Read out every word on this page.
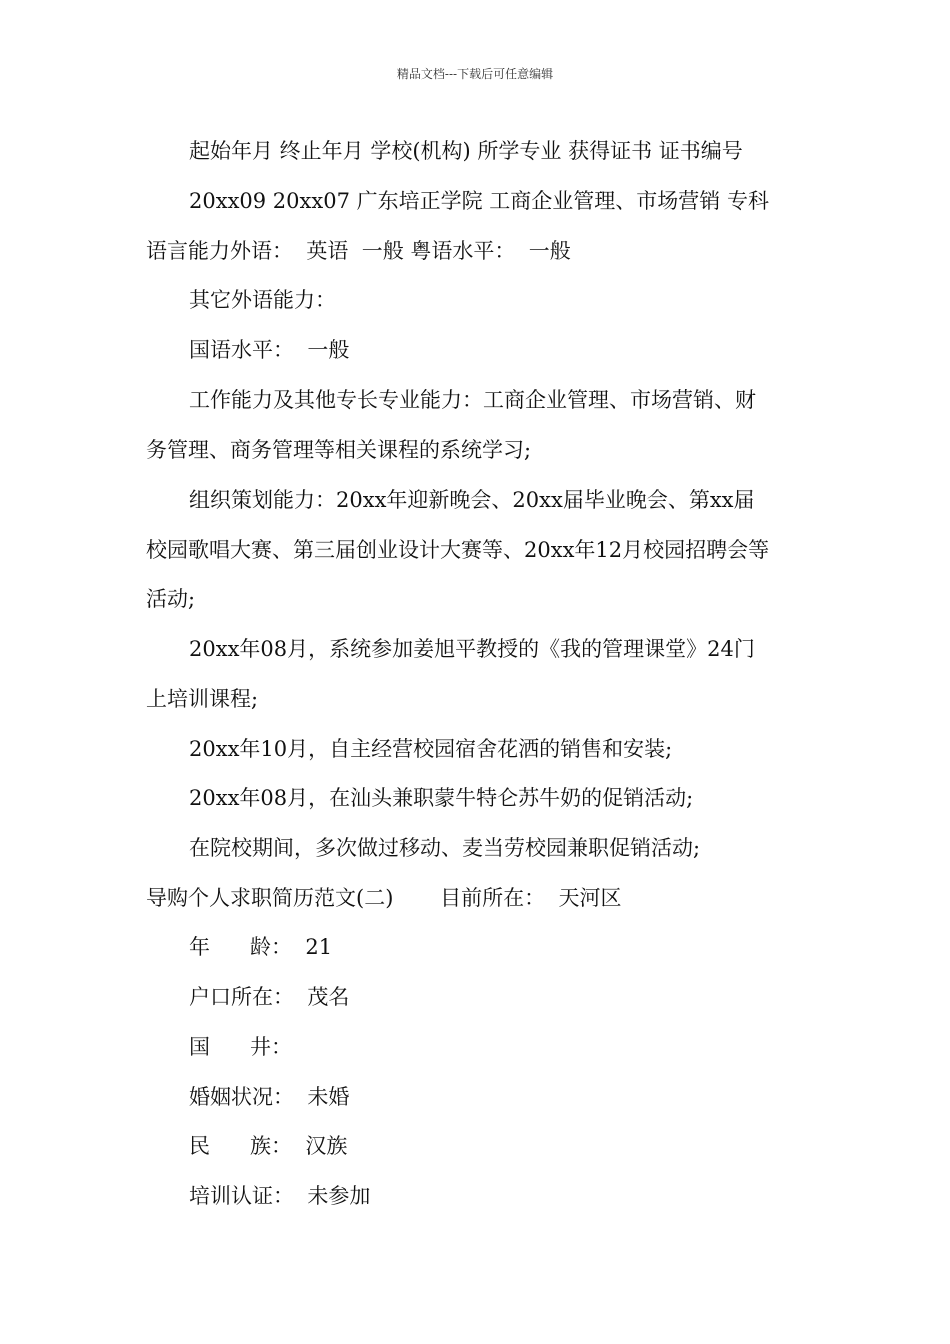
精品文档---下载后可任意编辑
起始年月 终止年月 学校(机构) 所学专业 获得证书 证书编号
20xx09 20xx07 广东培正学院 工商企业管理、市场营销 专科
语言能力外语：  英语  一般 粤语水平：  一般
其它外语能力：
国语水平：  一般
工作能力及其他专长专业能力：工商企业管理、市场营销、财
务管理、商务管理等相关课程的系统学习;
组织策划能力：20xx年迎新晚会、20xx届毕业晚会、第xx届
校园歌唱大赛、第三届创业设计大赛等、20xx年12月校园招聘会等
活动;
20xx年08月，系统参加姜旭平教授的《我的管理课堂》24门
上培训课程;
20xx年10月，自主经营校园宿舍花洒的销售和安装;
20xx年08月，在汕头兼职蒙牛特仑苏牛奶的促销活动;
在院校期间，多次做过移动、麦当劳校园兼职促销活动;
导购个人求职简历范文(二)       目前所在：  天河区
年      龄：  21
户口所在：  茂名
国      井：
婚姻状况：  未婚
民      族：  汉族
培训认证：  未参加
